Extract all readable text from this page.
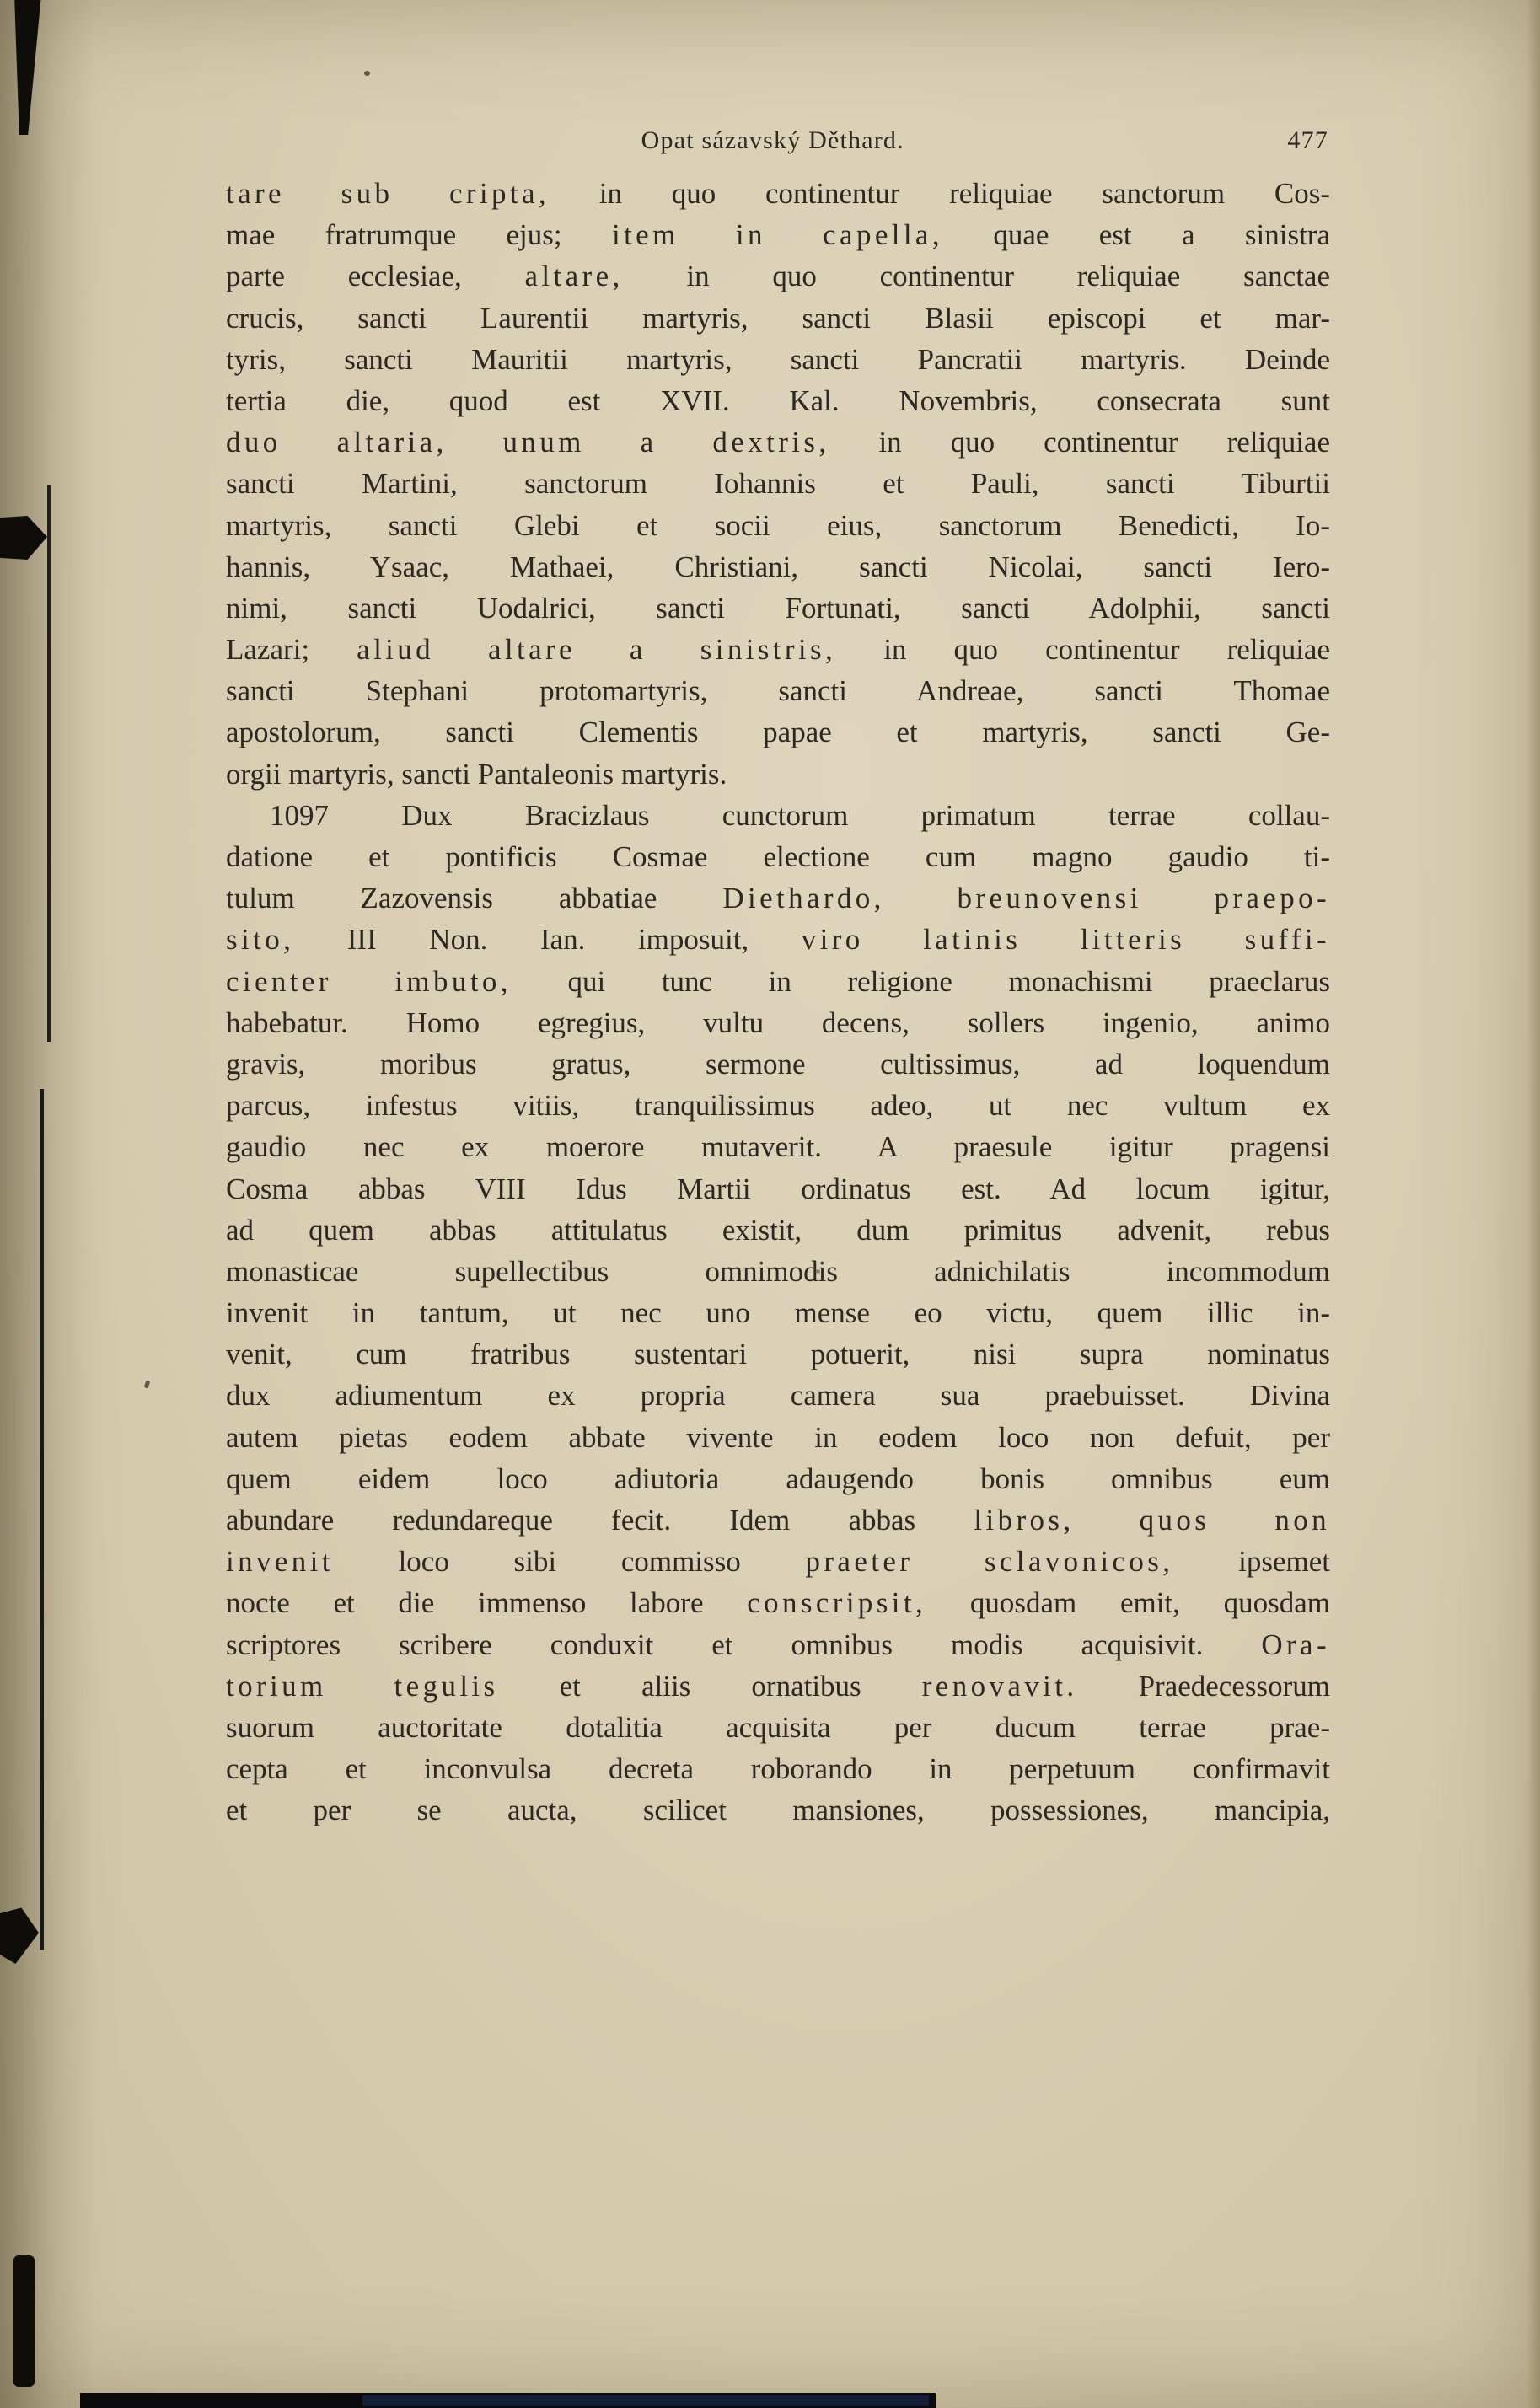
Opat sázavský Děthard.	477
tare sub cripta, in quo continentur reliquiae sanctorum Cos-
mae fratrumque ejus; item in capella, quae est a sinistra
parte ecclesiae, altare, in quo continentur reliquiae sanctae
crucis, sancti Laurentii martyris, sancti Blasii episcopi et mar-
tyris, sancti Mauritii martyris, sancti Pancratii martyris. Deinde
tertia die, quod est XVII. Kal. Novembris, consecrata sunt
duo altaria, unum a dextris, in quo continentur reliquiae
sancti Martini, sanctorum Iohannis et Pauli, sancti Tiburtii
martyris, sancti Glebi et socii eius, sanctorum Benedicti, Io-
hannis, Ysaac, Mathaei, Christiani, sancti Nicolai, sancti Iero-
nimi, sancti Uodalrici, sancti Fortunati, sancti Adolphii, sancti
Lazari; aliud altare a sinistris, in quo continentur reliquiae
sancti Stephani protomartyris, sancti Andreae, sancti Thomae
apostolorum, sancti Clementis papae et martyris, sancti Ge-
orgii martyris, sancti Pantaleonis martyris.
1097 Dux Bracizlaus cunctorum primatum terrae collau-
datione et pontificis Cosmae electione cum magno gaudio ti-
tulum Zazovensis abbatiae Diethardo, breunovensi praepo-
sito, III Non. Ian. imposuit, viro latinis litteris suffi-
cienter imbuto, qui tunc in religione monachismi praeclarus
habebatur. Homo egregius, vultu decens, sollers ingenio, animo
gravis, moribus gratus, sermone cultissimus, ad loquendum
parcus, infestus vitiis, tranquilissimus adeo, ut nec vultum ex
gaudio nec ex moerore mutaverit. A praesule igitur pragensi
Cosma abbas VIII Idus Martii ordinatus est. Ad locum igitur,
ad quem abbas attitulatus existit, dum primitus advenit, rebus
monasticae supellectibus omnimodis adnichilatis incommodum
invenit in tantum, ut nec uno mense eo victu, quem illic in-
venit, cum fratribus sustentari potuerit, nisi supra nominatus
dux adiumentum ex propria camera sua praebuisset. Divina
autem pietas eodem abbate vivente in eodem loco non defuit, per
quem eidem loco adiutoria adaugendo bonis omnibus eum
abundare redundareque fecit. Idem abbas libros, quos non
invenit loco sibi commisso praeter sclavonicos, ipsemet
nocte et die immenso labore conscripsit, quosdam emit, quosdam
scriptores scribere conduxit et omnibus modis acquisivit. Ora-
torium tegulis et aliis ornatibus renovavit. Praedecessorum
suorum auctoritate dotalitia acquisita per ducum terrae prae-
cepta et inconvulsa decreta roborando in perpetuum confirmavit
et per se aucta, scilicet mansiones, possessiones, mancipia,
